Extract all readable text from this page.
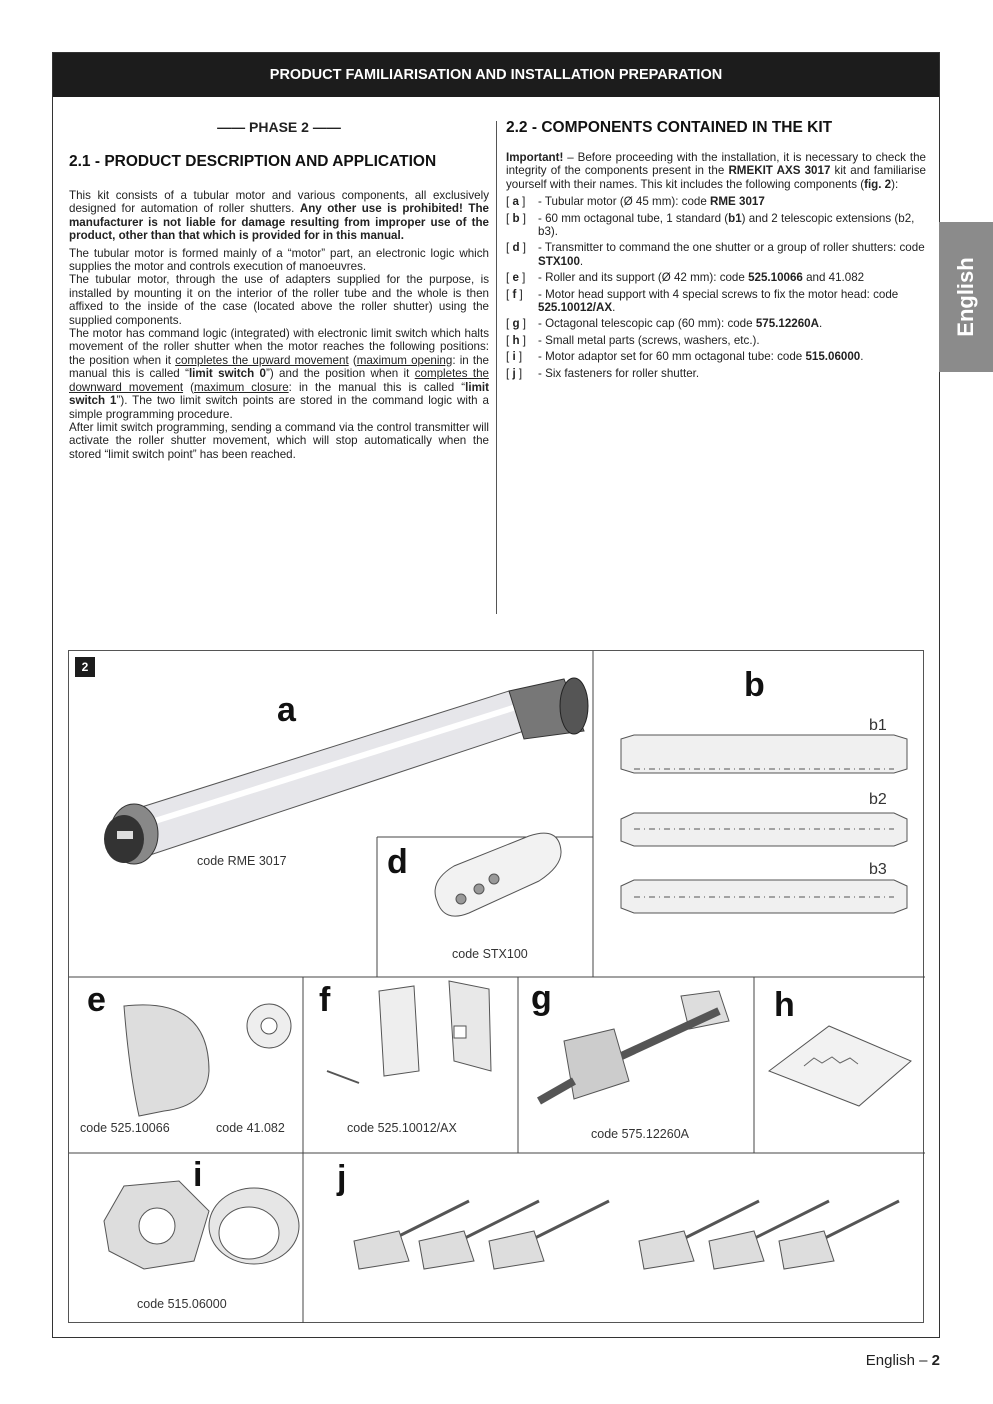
PRODUCT FAMILIARISATION AND INSTALLATION PREPARATION
—— PHASE 2 ——
2.1 - PRODUCT DESCRIPTION AND APPLICATION

This kit consists of a tubular motor and various components, all exclusively designed for automation of roller shutters. Any other use is prohibited! The manufacturer is not liable for damage resulting from improper use of the product, other than that which is provided for in this manual.

The tubular motor is formed mainly of a “motor” part, an electronic logic which supplies the motor and controls execution of manoeuvres.

The tubular motor, through the use of adapters supplied for the purpose, is installed by mounting it on the interior of the roller tube and the whole is then affixed to the inside of the case (located above the roller shutter) using the supplied components.

The motor has command logic (integrated) with electronic limit switch which halts movement of the roller shutter when the motor reaches the following positions: the position when it completes the upward movement (maximum opening: in the manual this is called “limit switch 0”) and the position when it completes the downward movement (maximum closure: in the manual this is called “limit switch 1”). The two limit switch points are stored in the command logic with a simple programming procedure.

After limit switch programming, sending a command via the control transmitter will activate the roller shutter movement, which will stop automatically when the stored “limit switch point” has been reached.

2.2 - COMPONENTS CONTAINED IN THE KIT

Important! – Before proceeding with the installation, it is necessary to check the integrity of the components present in the RMEKIT AXS 3017 kit and familiarise yourself with their names. This kit includes the following components (fig. 2):

[ a ]	- Tubular motor (Ø 45 mm): code RME 3017
[ b ]	- 60 mm octagonal tube, 1 standard (b1) and 2 telescopic extensions (b2, b3).
[ d ]	- Transmitter to command the one shutter or a group of roller shutters: code STX100.
[ e ]	- Roller and its support (Ø 42 mm): code 525.10066 and 41.082
[ f ]	- Motor head support with 4 special screws to fix the motor head: code 525.10012/AX.
[ g ]	- Octagonal telescopic cap (60 mm): code 575.12260A.
[ h ]	- Small metal parts (screws, washers, etc.).
[ i ]	- Motor adaptor set for 60 mm octagonal tube: code 515.06000.
[ j ]	- Six fasteners for roller shutter.
English
2
a
b
d
e	f	g	h
i	j
b1
b2
b3
code RME 3017
code STX100
code 525.10066	code 41.082	code 525.10012/AX	code 575.12260A
code 515.06000
English – 2
